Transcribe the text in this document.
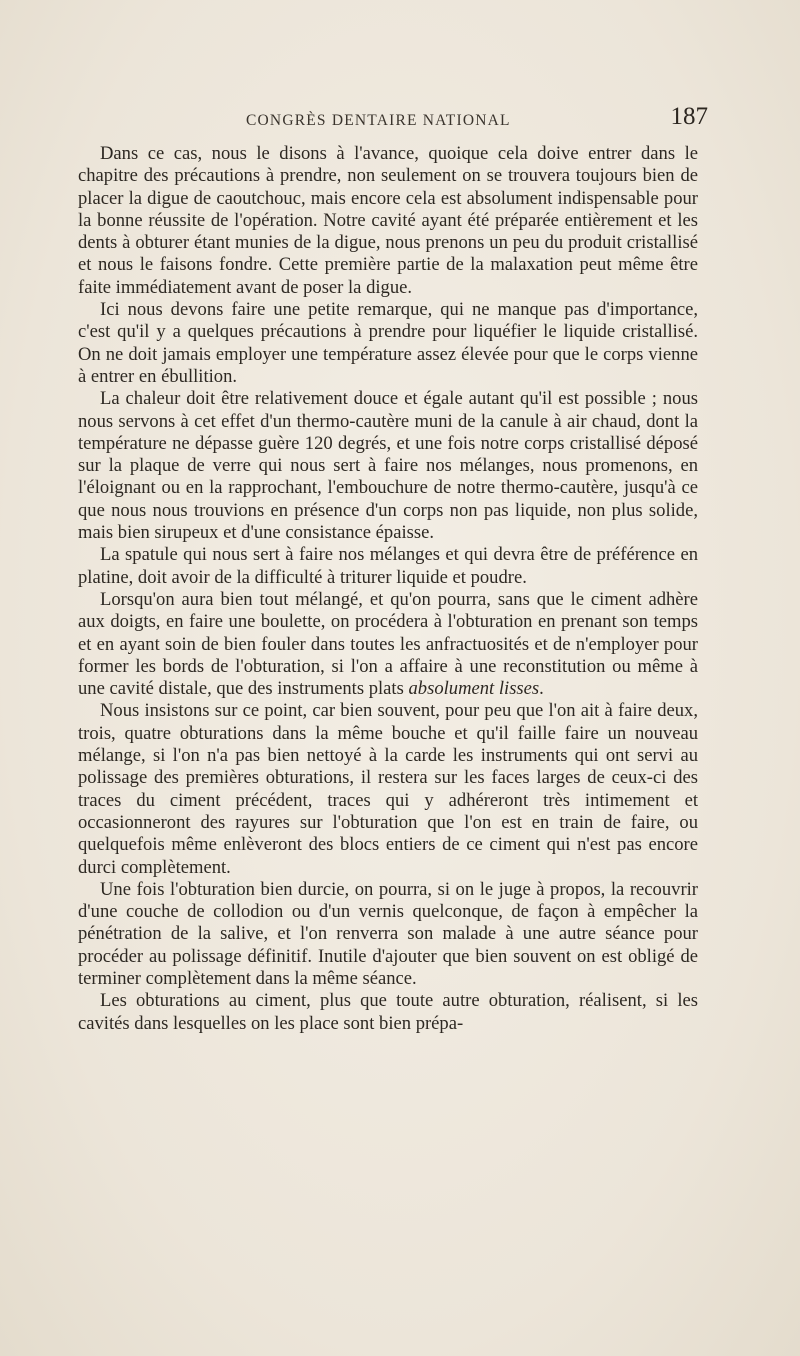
CONGRÈS DENTAIRE NATIONAL	187

Dans ce cas, nous le disons à l'avance, quoique cela doive entrer dans le chapitre des précautions à prendre, non seulement on se trouvera toujours bien de placer la digue de caoutchouc, mais encore cela est absolument indispensable pour la bonne réussite de l'opération. Notre cavité ayant été préparée entièrement et les dents à obturer étant munies de la digue, nous prenons un peu du produit cristallisé et nous le faisons fondre. Cette première partie de la malaxation peut même être faite immédiatement avant de poser la digue.

Ici nous devons faire une petite remarque, qui ne manque pas d'importance, c'est qu'il y a quelques précautions à prendre pour liquéfier le liquide cristallisé. On ne doit jamais employer une température assez élevée pour que le corps vienne à entrer en ébullition.

La chaleur doit être relativement douce et égale autant qu'il est possible ; nous nous servons à cet effet d'un thermo-cautère muni de la canule à air chaud, dont la température ne dépasse guère 120 degrés, et une fois notre corps cristallisé déposé sur la plaque de verre qui nous sert à faire nos mélanges, nous promenons, en l'éloignant ou en la rapprochant, l'embouchure de notre thermo-cautère, jusqu'à ce que nous nous trouvions en présence d'un corps non pas liquide, non plus solide, mais bien sirupeux et d'une consistance épaisse.

La spatule qui nous sert à faire nos mélanges et qui devra être de préférence en platine, doit avoir de la difficulté à triturer liquide et poudre.

Lorsqu'on aura bien tout mélangé, et qu'on pourra, sans que le ciment adhère aux doigts, en faire une boulette, on procédera à l'obturation en prenant son temps et en ayant soin de bien fouler dans toutes les anfractuosités et de n'employer pour former les bords de l'obturation, si l'on a affaire à une reconstitution ou même à une cavité distale, que des instruments plats absolument lisses.

Nous insistons sur ce point, car bien souvent, pour peu que l'on ait à faire deux, trois, quatre obturations dans la même bouche et qu'il faille faire un nouveau mélange, si l'on n'a pas bien nettoyé à la carde les instruments qui ont servi au polissage des premières obturations, il restera sur les faces larges de ceux-ci des traces du ciment précédent, traces qui y adhéreront très intimement et occasionneront des rayures sur l'obturation que l'on est en train de faire, ou quelquefois même enlèveront des blocs entiers de ce ciment qui n'est pas encore durci complètement.

Une fois l'obturation bien durcie, on pourra, si on le juge à propos, la recouvrir d'une couche de collodion ou d'un vernis quelconque, de façon à empêcher la pénétration de la salive, et l'on renverra son malade à une autre séance pour procéder au polissage définitif. Inutile d'ajouter que bien souvent on est obligé de terminer complètement dans la même séance.

Les obturations au ciment, plus que toute autre obturation, réalisent, si les cavités dans lesquelles on les place sont bien prépa-
